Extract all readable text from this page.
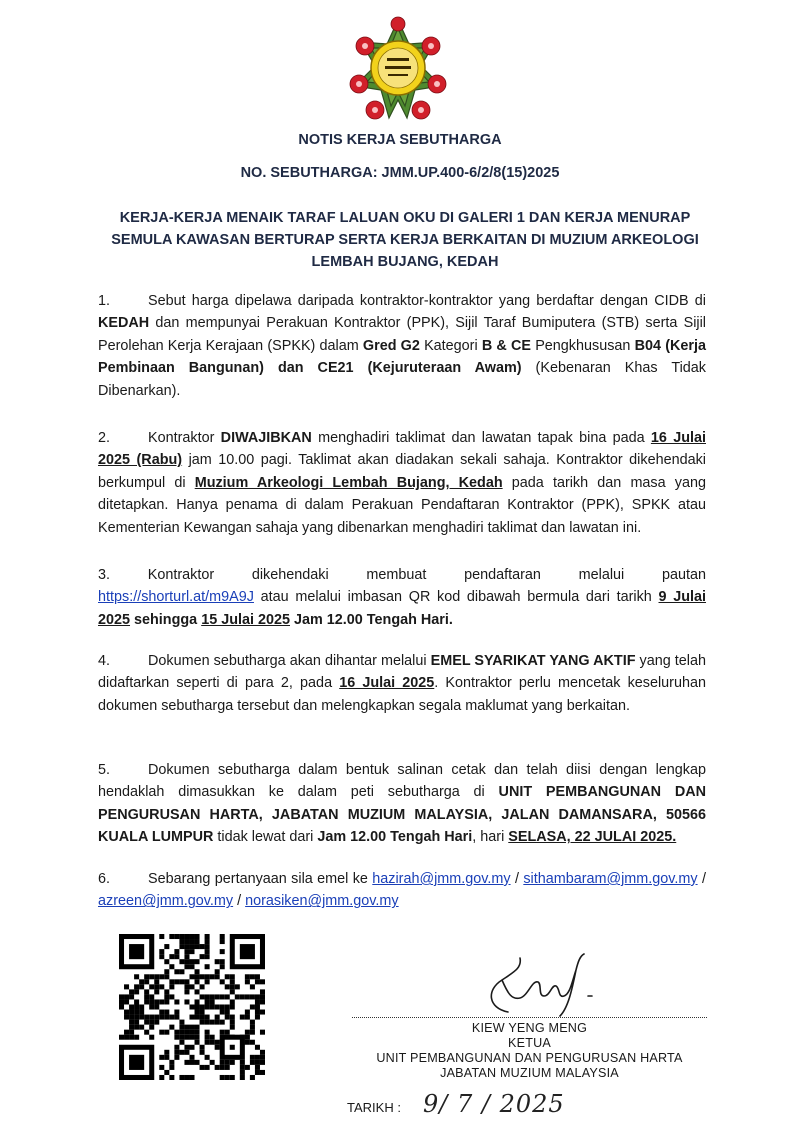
NOTIS KERJA SEBUTHARGA
NO. SEBUTHARGA: JMM.UP.400-6/2/8(15)2025
KERJA-KERJA MENAIK TARAF LALUAN OKU DI GALERI 1 DAN KERJA MENURAP SEMULA KAWASAN BERTURAP SERTA KERJA BERKAITAN DI MUZIUM ARKEOLOGI LEMBAH BUJANG, KEDAH
1.	Sebut harga dipelawa daripada kontraktor-kontraktor yang berdaftar dengan CIDB di KEDAH dan mempunyai Perakuan Kontraktor (PPK), Sijil Taraf Bumiputera (STB) serta Sijil Perolehan Kerja Kerajaan (SPKK) dalam Gred G2 Kategori B & CE Pengkhususan B04 (Kerja Pembinaan Bangunan) dan CE21 (Kejuruteraan Awam) (Kebenaran Khas Tidak Dibenarkan).
2.	Kontraktor DIWAJIBKAN menghadiri taklimat dan lawatan tapak bina pada 16 Julai 2025 (Rabu) jam 10.00 pagi. Taklimat akan diadakan sekali sahaja. Kontraktor dikehendaki berkumpul di Muzium Arkeologi Lembah Bujang, Kedah pada tarikh dan masa yang ditetapkan. Hanya penama di dalam Perakuan Pendaftaran Kontraktor (PPK), SPKK atau Kementerian Kewangan sahaja yang dibenarkan menghadiri taklimat dan lawatan ini.
3.	Kontraktor	dikehendaki	membuat	pendaftaran	melalui	pautan
https://shorturl.at/m9A9J atau melalui imbasan QR kod dibawah bermula dari tarikh 9 Julai 2025 sehingga 15 Julai 2025 Jam 12.00 Tengah Hari.
4.	Dokumen sebutharga akan dihantar melalui EMEL SYARIKAT YANG AKTIF yang telah didaftarkan seperti di para 2, pada 16 Julai 2025. Kontraktor perlu mencetak keseluruhan dokumen sebutharga tersebut dan melengkapkan segala maklumat yang berkaitan.
5.	Dokumen sebutharga dalam bentuk salinan cetak dan telah diisi dengan lengkap hendaklah dimasukkan ke dalam peti sebutharga di UNIT PEMBANGUNAN DAN PENGURUSAN HARTA, JABATAN MUZIUM MALAYSIA, JALAN DAMANSARA, 50566 KUALA LUMPUR tidak lewat dari Jam 12.00 Tengah Hari, hari SELASA, 22 JULAI 2025.
6.	Sebarang pertanyaan sila emel ke hazirah@jmm.gov.my / sithambaram@jmm.gov.my / azreen@jmm.gov.my / norasiken@jmm.gov.my
KIEW YENG MENG
KETUA
UNIT PEMBANGUNAN DAN PENGURUSAN HARTA
JABATAN MUZIUM MALAYSIA
TARIKH : 9/ 7 / 2025
